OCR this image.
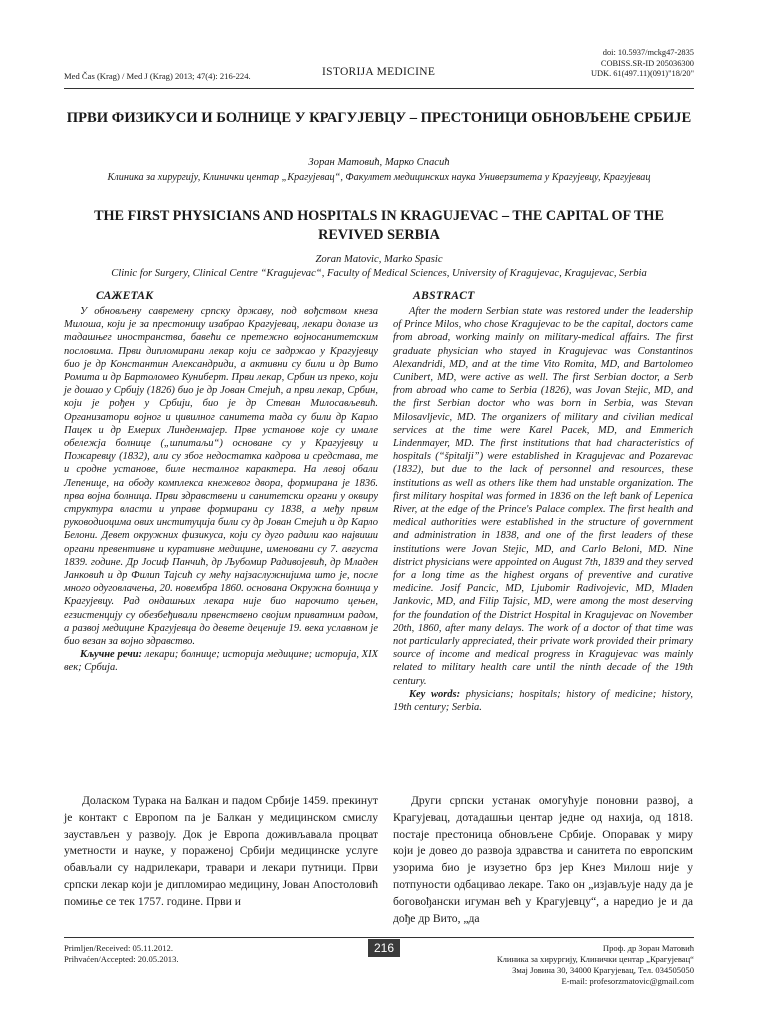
Med Čas (Krag) / Med J (Krag) 2013; 47(4): 216-224.	ISTORIJA MEDICINE
doi: 10.5937/mckg47-2835
COBISS.SR-ID 205036300
UDK. 61(497.11)(091)"18/20"
ПРВИ ФИЗИКУСИ И БОЛНИЦЕ У КРАГУЈЕВЦУ – ПРЕСТОНИЦИ ОБНОВЉЕНЕ СРБИЈЕ
Зоран Матовић, Марко Спасић
Клиника за хирургију, Клинички центар „Крагујевац“, Факултет медицинских наука Универзитета у Крагујевцу, Крагујевац
THE FIRST PHYSICIANS AND HOSPITALS IN KRAGUJEVAC – THE CAPITAL OF THE REVIVED SERBIA
Zoran Matovic, Marko Spasic
Clinic for Surgery, Clinical Centre “Kragujevac“, Faculty of Medical Sciences, University of Kragujevac, Kragujevac, Serbia
САЖЕТАК	ABSTRACT

У обновљену савремену српску државу, под вођством кнеза Милоша, који је за престоницу изабрао Крагујевац, лекари долазе из тадашњег иностранства, бавећи се претежно војносанитетским пословима. Први дипломирани лекар који се задржао у Крагујевцу био је др Константин Александриди, а активни су били и др Вито Ромита и др Бартоломео Куниберт. Први лекар, Србин из преко, који је дошао у Србију (1826) био је др Јован Стејић, а први лекар, Србин, који је рођен у Србији, био је др Стеван Милосављевић. Организатори војног и цивилног санитета тада су били др Карло Пацек и др Емерих Линденмајер. Прве установе које су имале обележја болнице („шпитаљи“) основане су у Крагујевцу и Пожаревцу (1832), али су због недостатка кадрова и средстава, те и сродне установе, биле несталног карактера. На левој обали Лепенице, на ободу комплекса кнежевог двора, формирана је 1836. прва војна болница. Први здравствени и санитетски органи у оквиру структура власти и управе формирани су 1838, а међу првим руководиоцима ових институција били су др Јован Стејић и др Карло Белони. Девет окружних физикуса, који су дуго радили као највиши органи превентивне и куративне медицине, именовани су 7. августа 1839. године. Др Јосиф Панчић, др Љубомир Радивојевић, др Младен Јанковић и др Филип Тајсић су мећу најзаслужнијима што је, после много одуговлачења, 20. новембра 1860. основана Окружна болница у Крагујевцу. Рад ондашњих лекара није био нарочито цењен, егзистенцију су обезбеђивали првенствено својим приватним радом, а развој медицине Крагујевца до девете деценије 19. века уславном је био везан за војно здравство.

Кључне речи: лекари; болнице; историја медицине; историја, XIX век; Србија.

After the modern Serbian state was restored under the leadership of Prince Milos, who chose Kragujevac to be the capital, doctors came from abroad, working mainly on military-medical affairs. The first graduate physician who stayed in Kragujevac was Constantinos Alexandridi, MD, and at the time Vito Romita, MD, and Bartolomeo Cunibert, MD, were active as well. The first Serbian doctor, a Serb from abroad who came to Serbia (1826), was Jovan Stejic, MD, and the first Serbian doctor who was born in Serbia, was Stevan Milosavljevic, MD. The organizers of military and civilian medical services at the time were Karel Pacek, MD, and Emmerich Lindenmayer, MD. The first institutions that had characteristics of hospitals (“špitalji”) were established in Kragujevac and Pozarevac (1832), but due to the lack of personnel and resources, these institutions as well as others like them had unstable organization. The first military hospital was formed in 1836 on the left bank of Lepenica River, at the edge of the Prince's Palace complex. The first health and medical authorities were established in the structure of government and administration in 1838, and one of the first leaders of these institutions were Jovan Stejic, MD, and Carlo Beloni, MD. Nine district physicians were appointed on August 7th, 1839 and they served for a long time as the highest organs of preventive and curative medicine. Josif Pancic, MD, Ljubomir Radivojevic, MD, Mladen Jankovic, MD, and Filip Tajsic, MD, were among the most deserving for the foundation of the District Hospital in Kragujevac on November 20th, 1860, after many delays. The work of a doctor of that time was not particularly appreciated, their private work provided their primary source of income and medical progress in Kragujevac was mainly related to military health care until the ninth decade of the 19th century.

Key words: physicians; hospitals; history of medicine; history, 19th century; Serbia.

Доласком Турака на Балкан и падом Србије 1459. прекинут је контакт с Европом па је Балкан у медицинском смислу заустављен у развоју. Док је Европа доживљавала процват уметности и науке, у пораженој Србији медицинске услуге обављали су надрилекари, травари и лекари путници. Први српски лекар који је дипломирао медицину, Јован Апостоловић помиње се тек 1757. године. Први и

Други српски устанак омогућује поновни развој, а Крагујевац, дотадашњи центар једне од нахија, од 1818. постаје престоница обновљене Србије. Опоравак у миру који је довео до развоја здравства и санитета по европским узорима био је изузетно брз јер Кнез Милош није у потпуности одбацивао лекаре. Тако он „изјављује наду да је боговођански игуман већ у Крагујевцу“, а наредио је и да дође др Вито, „да

Primljen/Received: 05.11.2012.
Prihvaćen/Accepted: 20.05.2013.
216	Проф. др Зоран Матовић
Клиника за хирургију, Клинички центар „Крагујевац“
Змај Јовина 30, 34000 Крагујевац, Тел. 034505050
E-mail: profesorzmatovic@gmail.com
